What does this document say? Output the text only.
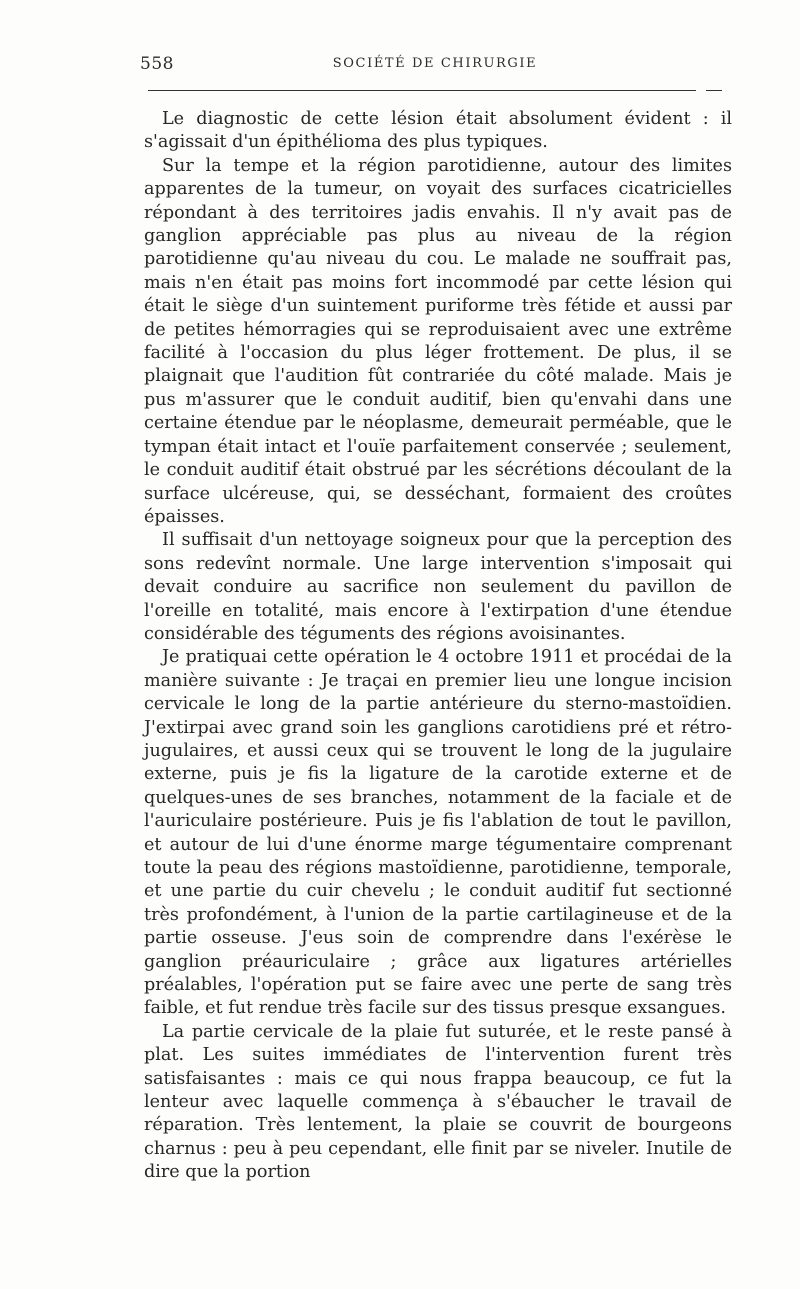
558	SOCIÉTÉ DE CHIRURGIE

Le diagnostic de cette lésion était absolument évident : il s'agissait d'un épithélioma des plus typiques.

Sur la tempe et la région parotidienne, autour des limites apparentes de la tumeur, on voyait des surfaces cicatricielles répondant à des territoires jadis envahis. Il n'y avait pas de ganglion appréciable pas plus au niveau de la région parotidienne qu'au niveau du cou. Le malade ne souffrait pas, mais n'en était pas moins fort incommodé par cette lésion qui était le siège d'un suintement puriforme très fétide et aussi par de petites hémorragies qui se reproduisaient avec une extrême facilité à l'occasion du plus léger frottement. De plus, il se plaignait que l'audition fût contrariée du côté malade. Mais je pus m'assurer que le conduit auditif, bien qu'envahi dans une certaine étendue par le néoplasme, demeurait perméable, que le tympan était intact et l'ouïe parfaitement conservée ; seulement, le conduit auditif était obstrué par les sécrétions découlant de la surface ulcéreuse, qui, se desséchant, formaient des croûtes épaisses.

Il suffisait d'un nettoyage soigneux pour que la perception des sons redevînt normale. Une large intervention s'imposait qui devait conduire au sacrifice non seulement du pavillon de l'oreille en totalité, mais encore à l'extirpation d'une étendue considérable des téguments des régions avoisinantes.

Je pratiquai cette opération le 4 octobre 1911 et procédai de la manière suivante : Je traçai en premier lieu une longue incision cervicale le long de la partie antérieure du sterno-mastoïdien. J'extirpai avec grand soin les ganglions carotidiens pré et rétro-jugulaires, et aussi ceux qui se trouvent le long de la jugulaire externe, puis je fis la ligature de la carotide externe et de quelques-unes de ses branches, notamment de la faciale et de l'auriculaire postérieure. Puis je fis l'ablation de tout le pavillon, et autour de lui d'une énorme marge tégumentaire comprenant toute la peau des régions mastoïdienne, parotidienne, temporale, et une partie du cuir chevelu ; le conduit auditif fut sectionné très profondément, à l'union de la partie cartilagineuse et de la partie osseuse. J'eus soin de comprendre dans l'exérèse le ganglion préauriculaire ; grâce aux ligatures artérielles préalables, l'opération put se faire avec une perte de sang très faible, et fut rendue très facile sur des tissus presque exsangues.

La partie cervicale de la plaie fut suturée, et le reste pansé à plat. Les suites immédiates de l'intervention furent très satisfaisantes : mais ce qui nous frappa beaucoup, ce fut la lenteur avec laquelle commença à s'ébaucher le travail de réparation. Très lentement, la plaie se couvrit de bourgeons charnus : peu à peu cependant, elle finit par se niveler. Inutile de dire que la portion
